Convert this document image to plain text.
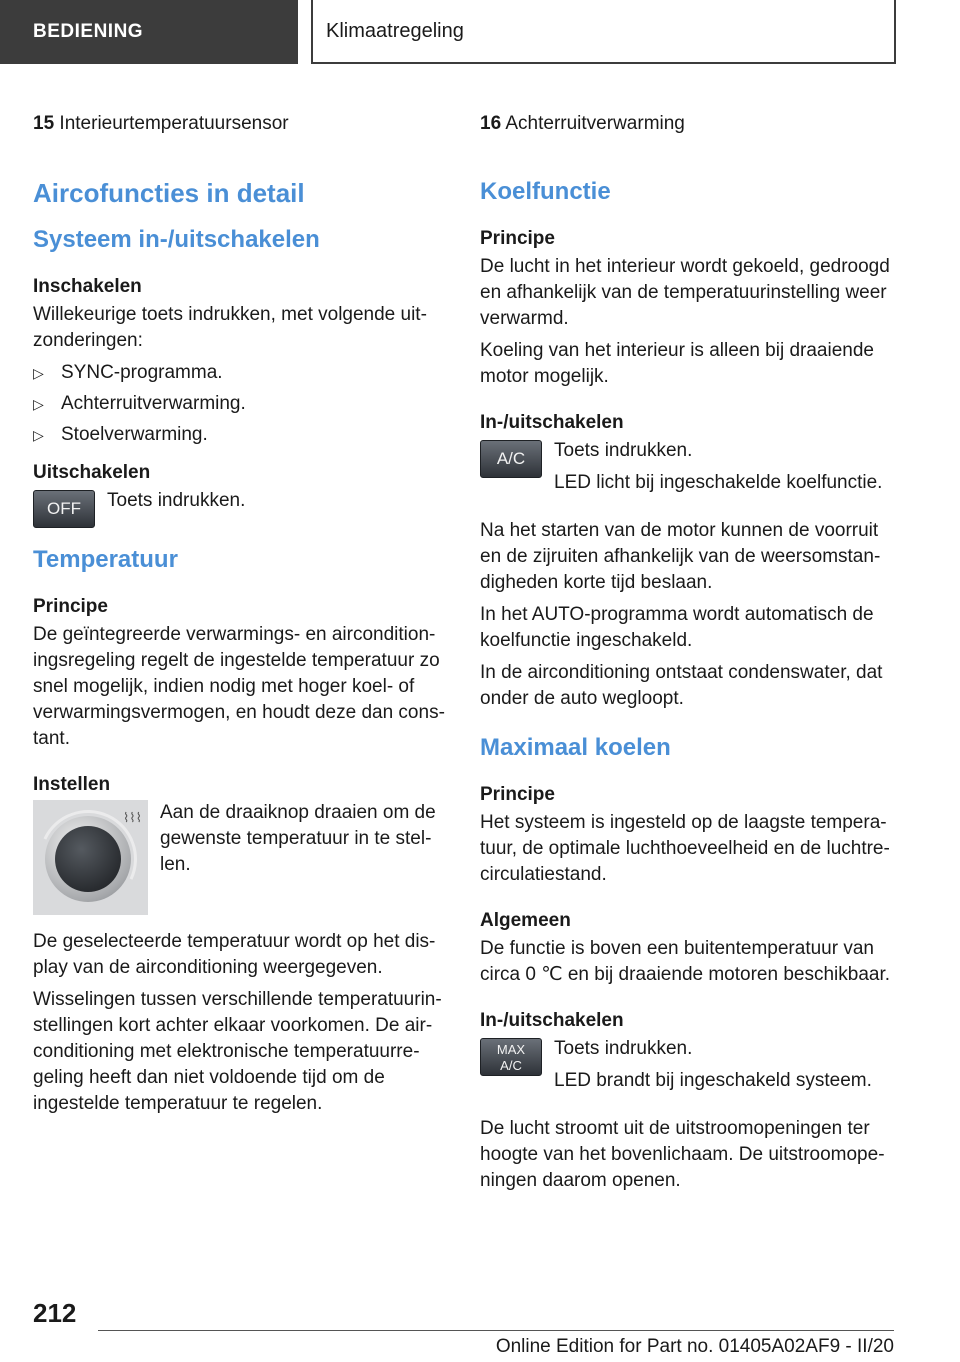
BEDIENING	Klimaatregeling

15 Interieurtemperatuursensor

Aircofuncties in detail
Systeem in-/uitschakelen
Inschakelen

Willekeurige toets indrukken, met volgende uit-zonderingen:

▷ SYNC-programma.
▷ Achterruitverwarming.
▷ Stoelverwarming.
Uitschakelen
OFF	Toets indrukken.

Temperatuur
Principe

De geïntegreerde verwarmings- en aircondition-ingsregeling regelt de ingestelde temperatuur zo snel mogelijk, indien nodig met hoger koel- of verwarmingsvermogen, en houdt deze dan cons-tant.

Instellen
⌇⌇⌇ Aan de draaiknop draaien om de gewenste temperatuur in te stel-len.

De geselecteerde temperatuur wordt op het dis-play van de airconditioning weergegeven.

Wisselingen tussen verschillende temperatuurin-stellingen kort achter elkaar voorkomen. De air-conditioning met elektronische temperatuurre-geling heeft dan niet voldoende tijd om de ingestelde temperatuur te regelen.

16 Achterruitverwarming

Koelfunctie
Principe

De lucht in het interieur wordt gekoeld, gedroogd en afhankelijk van de temperatuurinstelling weer verwarmd.

Koeling van het interieur is alleen bij draaiende motor mogelijk.

In-/uitschakelen
A/C	Toets indrukken.

LED licht bij ingeschakelde koelfunctie.

Na het starten van de motor kunnen de voorruit en de zijruiten afhankelijk van de weersomstan-digheden korte tijd beslaan.

In het AUTO-programma wordt automatisch de koelfunctie ingeschakeld.

In de airconditioning ontstaat condenswater, dat onder de auto wegloopt.

Maximaal koelen
Principe

Het systeem is ingesteld op de laagste tempera-tuur, de optimale luchthoeveelheid en de luchtre-circulatiestand.

Algemeen

De functie is boven een buitentemperatuur van circa 0 ℃ en bij draaiende motoren beschikbaar.

In-/uitschakelen
MAX
A/C

Toets indrukken.

LED brandt bij ingeschakeld systeem.

De lucht stroomt uit de uitstroomopeningen ter hoogte van het bovenlichaam. De uitstroomope-ningen daarom openen.

212
Online Edition for Part no. 01405A02AF9 - II/20
